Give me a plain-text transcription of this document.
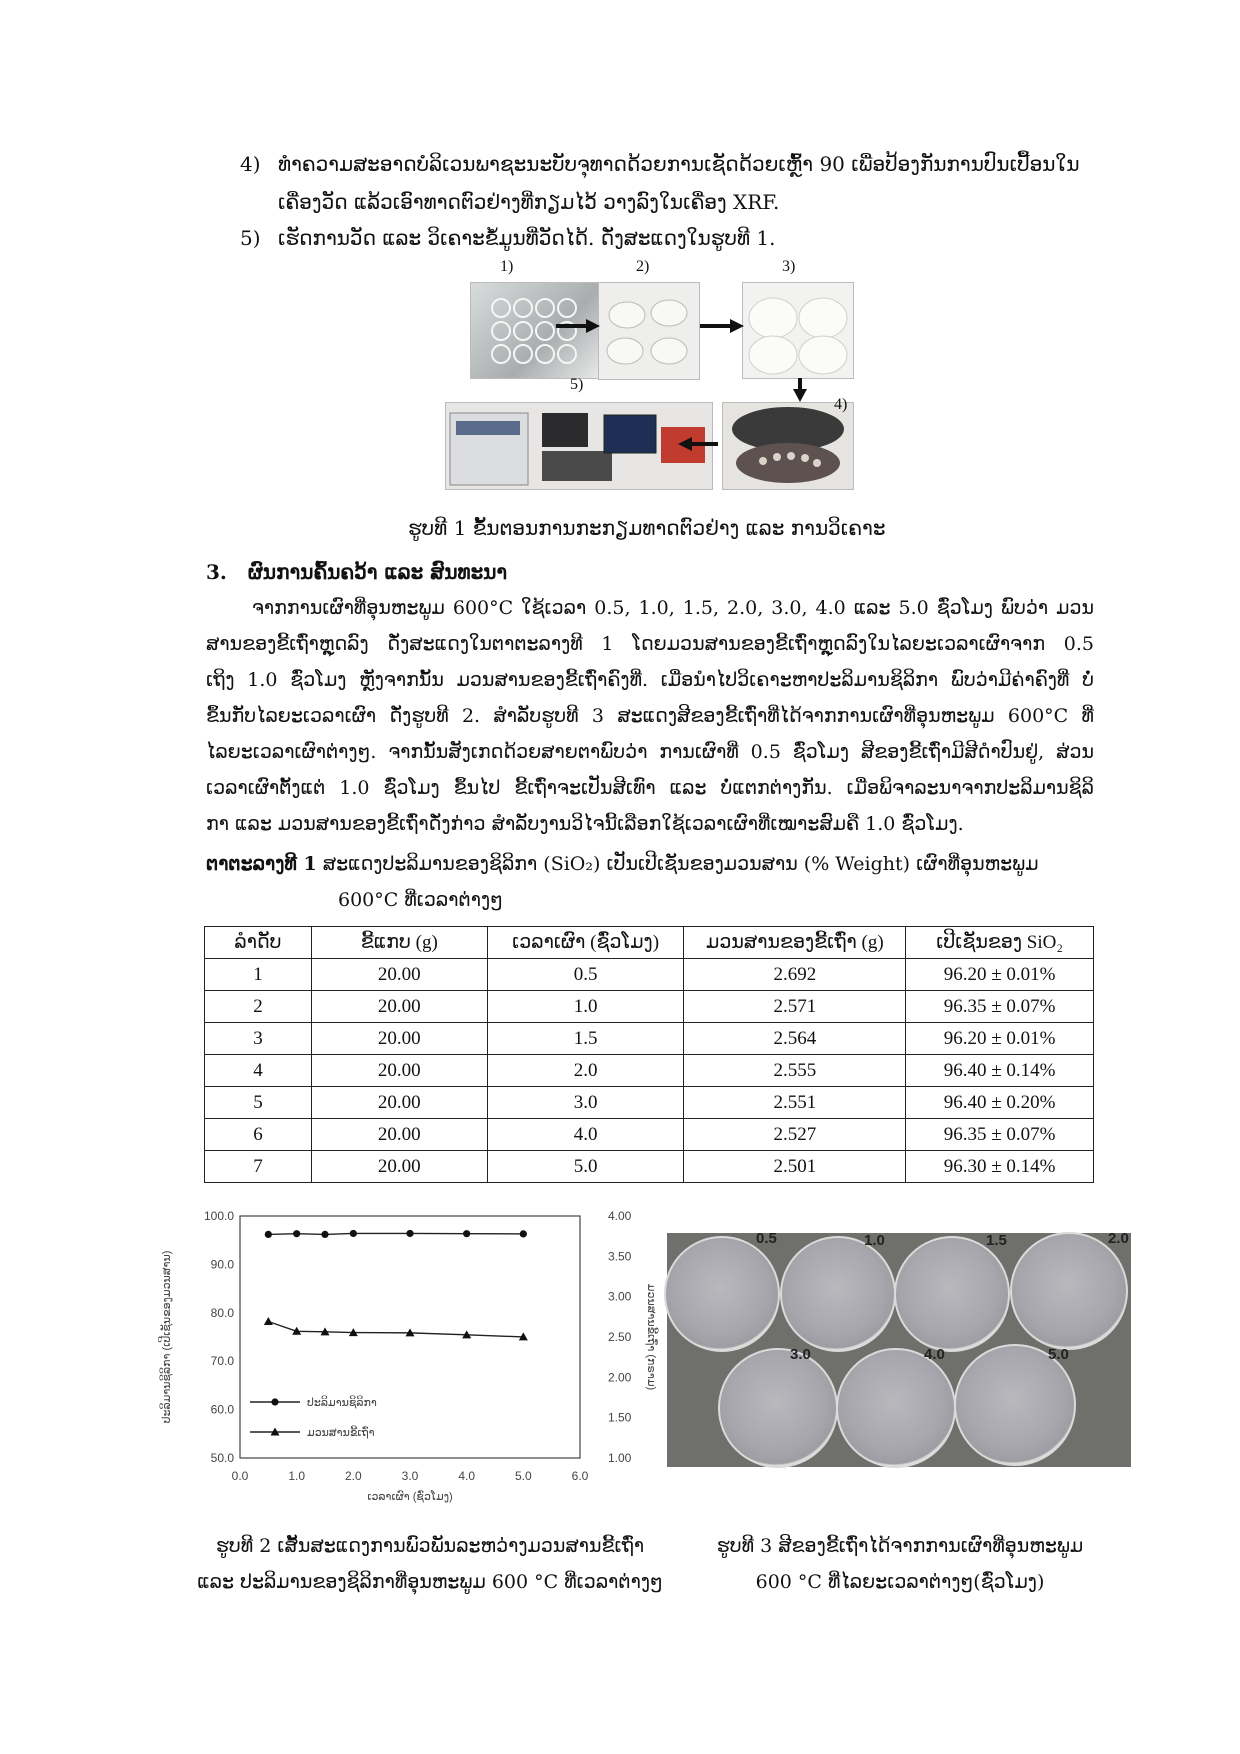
4) ທຳຄວາມສະອາດບໍລິເວນພາຊະນະບັບຈຸທາດດ້ວຍການເຊັດດ້ວຍເຫຼົ້າ 90 ເພື່ອປ້ອງກັນການປົນເປື້ອນໃນ
ເຄື່ອງວັດ ແລ້ວເອົາທາດຕົວຢ່າງທີ່ກຽມໄວ້ ວາງລົງໃນເຄື່ອງ XRF.
5) ເຮັດການວັດ ແລະ ວິເຄາະຂໍ້ມູນທີ່ວັດໄດ້. ດັ່ງສະແດງໃນຮູບທີ 1.
1)	2)	3)
4)
5)
ຮູບທີ 1 ຂັ້ນຕອນການກະກຽມທາດຕົວຢ່າງ ແລະ ການວິເຄາະ
3. ຜົນການຄົ້ນຄວ້າ ແລະ ສົນທະນາ
ຈາກການເຜົາທີ່ອຸນຫະພູມ 600°C ໃຊ້ເວລາ 0.5, 1.0, 1.5, 2.0, 3.0, 4.0 ແລະ 5.0 ຊົ່ວໂມງ ພົບວ່າ ມວນ
ສານຂອງຂີ້ເຖົ່າຫຼຸດລົງ ດັ່ງສະແດງໃນຕາຕະລາງທີ 1 ໂດຍມວນສານຂອງຂີ້ເຖົ່າຫຼຸດລົງໃນໄລຍະເວລາເຜົາຈາກ 0.5
ເຖິງ 1.0 ຊົ່ວໂມງ ຫຼັງຈາກນັ້ນ ມວນສານຂອງຂີ້ເຖົ່າຄົງທີ່. ເມື່ອນຳໄປວິເຄາະຫາປະລິມານຊິລິກາ ພົບວ່າມີຄ່າຄົງທີ່ ບໍ່
ຂຶ້ນກັບໄລຍະເວລາເຜົາ ດັ່ງຮູບທີ 2. ສຳລັບຮູບທີ 3 ສະແດງສີຂອງຂີ້ເຖົ່າທີ່ໄດ້ຈາກການເຜົາທີ່ອຸນຫະພູມ 600°C ທີ່
ໄລຍະເວລາເຜົາຕ່າງໆ. ຈາກນັ້ນສັງເກດດ້ວຍສາຍຕາພົບວ່າ ການເຜົາທີ່ 0.5 ຊົ່ວໂມງ ສີຂອງຂີ້ເຖົ່າມີສີດຳປົນຢູ່, ສ່ວນ
ເວລາເຜົາຕັ້ງແຕ່ 1.0 ຊົ່ວໂມງ ຂຶ້ນໄປ ຂີ້ເຖົ່າຈະເປັນສີເທົາ ແລະ ບໍ່ແຕກຕ່າງກັນ. ເມື່ອພິຈາລະນາຈາກປະລິມານຊິລິ
ກາ ແລະ ມວນສານຂອງຂີ້ເຖົ່າດັ່ງກ່າວ ສຳລັບງານວິໄຈນີ້ເລືອກໃຊ້ເວລາເຜົາທີ່ເໝາະສົມຄື 1.0 ຊົ່ວໂມງ.
ຕາຕະລາງທີ 1 ສະແດງປະລິມານຂອງຊິລິກາ (SiO₂) ເປັນເປີເຊັນຂອງມວນສານ (% Weight) ເຜົາທີ່ອຸນຫະພູມ
600°C ທີ່ເວລາຕ່າງໆ
ລຳດັບ	ຂີ້ແກບ (g)	ເວລາເຜົາ (ຊົ່ວໂມງ)	ມວນສານຂອງຂີ້ເຖົ່າ (g)	ເປີເຊັນຂອງ SiO₂
1	20.00	0.5	2.692	96.20 ± 0.01%
2	20.00	1.0	2.571	96.35 ± 0.07%
3	20.00	1.5	2.564	96.20 ± 0.01%
4	20.00	2.0	2.555	96.40 ± 0.14%
5	20.00	3.0	2.551	96.40 ± 0.20%
6	20.00	4.0	2.527	96.35 ± 0.07%
7	20.00	5.0	2.501	96.30 ± 0.14%
50.0
60.0
70.0
80.0
90.0
100.0
1.00
1.50
2.00
2.50
3.00
3.50
4.00
0.0	1.0	2.0	3.0	4.0	5.0	6.0
ເວລາເຜົາ (ຊົ່ວໂມງ)
ປະລິມານຊິລິກາ (ເປີເຊັນຂອງມວນສານ)	ມວນສານຂີ້ເຖົ່າ (ກຣາມ)
ປະລິມານຊິລິກາ
ມວນສານຂີ້ເຖົ່າ
ຮູບທີ 2 ເສັ້ນສະແດງການພົວພັນລະຫວ່າງມວນສານຂີ້ເຖົ່າ
ແລະ ປະລິມານຂອງຊິລິກາທີ່ອຸນຫະພູມ 600 °C ທີ່ເວລາຕ່າງໆ
0.5	1.0	1.5	2.0
3.0	4.0	5.0
ຮູບທີ 3 ສີຂອງຂີ້ເຖົ່າໄດ້ຈາກການເຜົາທີ່ອຸນຫະພູມ
600 °C ທີ່ໄລຍະເວລາຕ່າງໆ(ຊົ່ວໂມງ)
